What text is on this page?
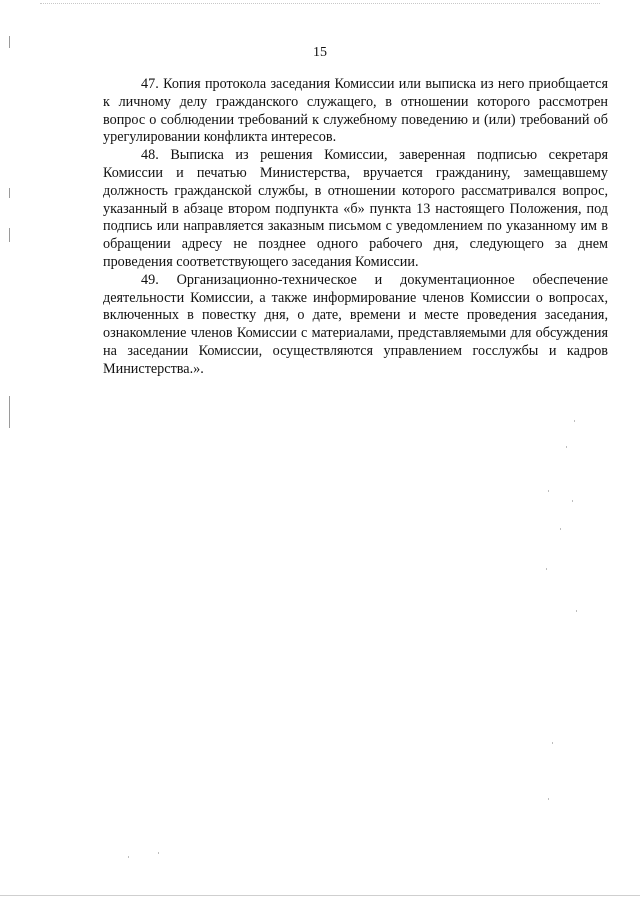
15

47. Копия протокола заседания Комиссии или выписка из него приобщается к личному делу гражданского служащего, в отношении которого рассмотрен вопрос о соблюдении требований к служебному поведению и (или) требований об урегулировании конфликта интересов.

48. Выписка из решения Комиссии, заверенная подписью секретаря Комиссии и печатью Министерства, вручается гражданину, замещавшему должность гражданской службы, в отношении которого рассматривался вопрос, указанный в абзаце втором подпункта «б» пункта 13 настоящего Положения, под подпись или направляется заказным письмом с уведомлением по указанному им в обращении адресу не позднее одного рабочего дня, следующего за днем проведения соответствующего заседания Комиссии.

49. Организационно-техническое и документационное обеспечение деятельности Комиссии, а также информирование членов Комиссии о вопросах, включенных в повестку дня, о дате, времени и месте проведения заседания, ознакомление членов Комиссии с материалами, представляемыми для обсуждения на заседании Комиссии, осуществляются управлением госслужбы и кадров Министерства.».
